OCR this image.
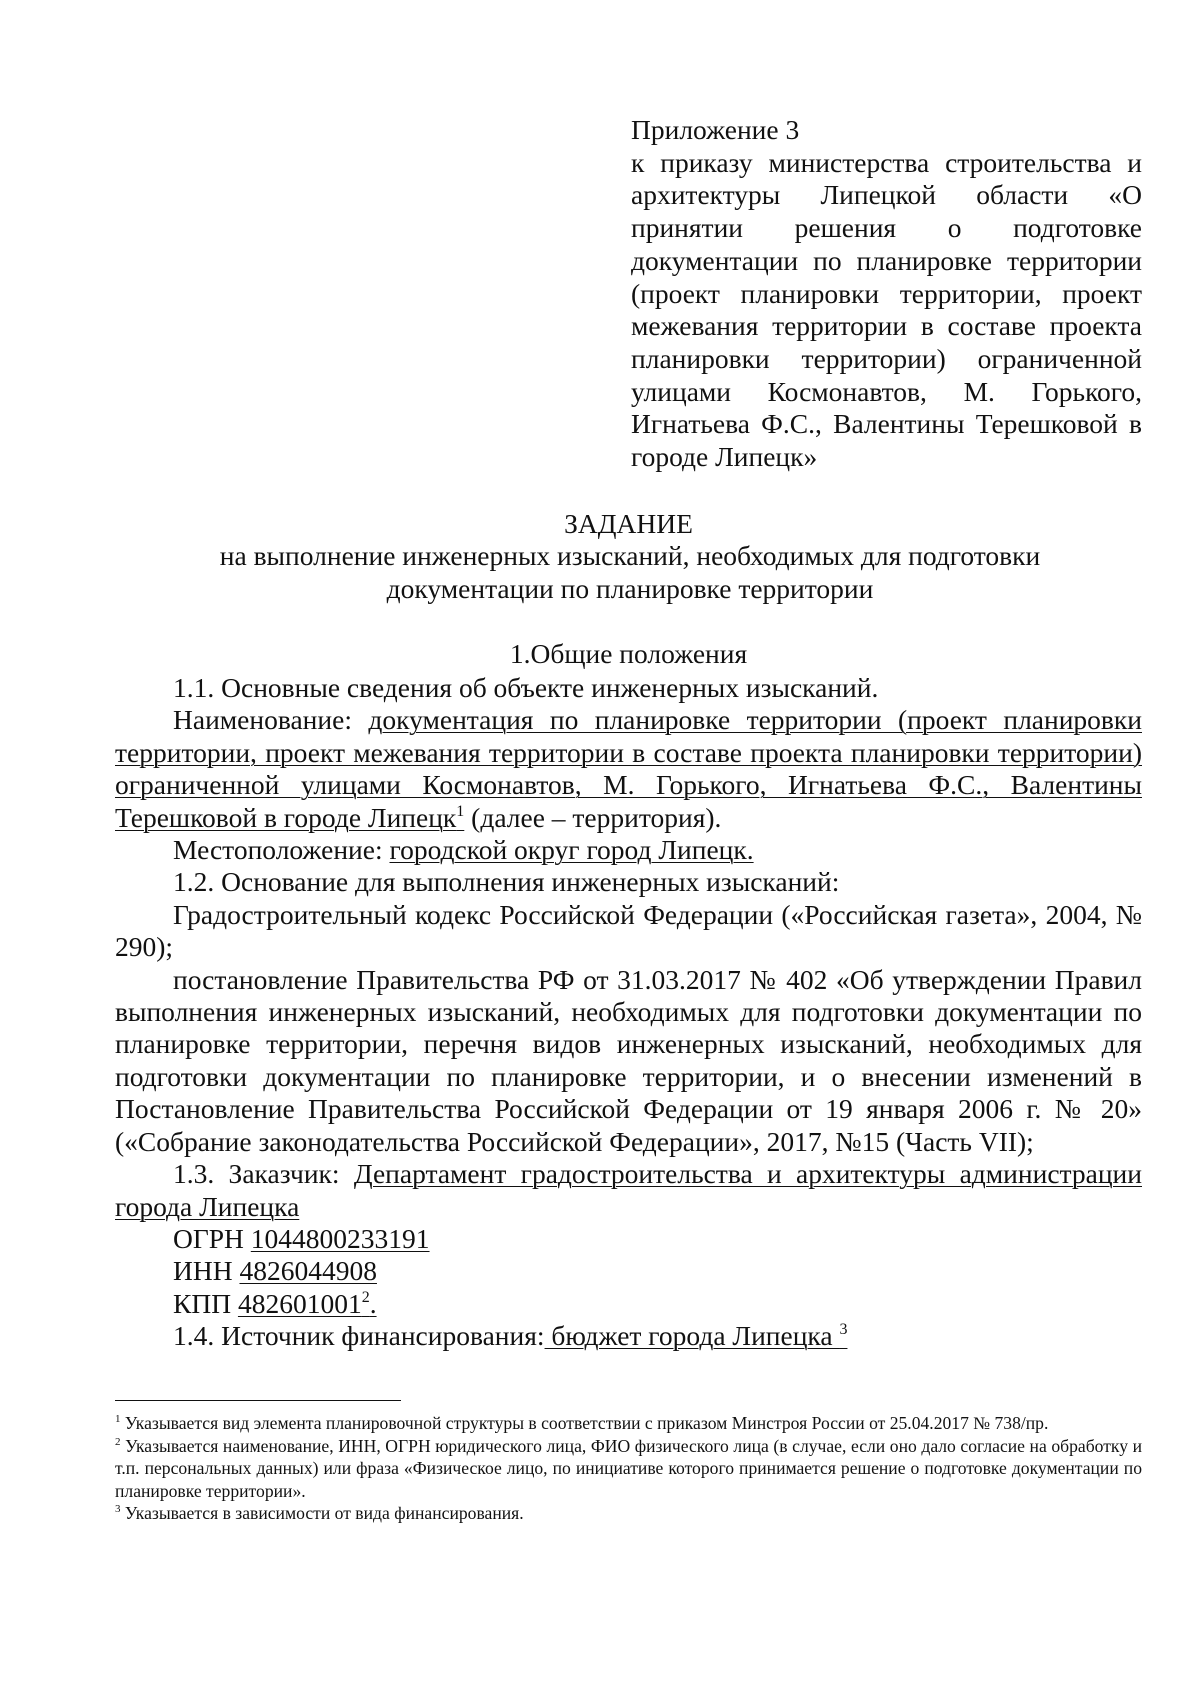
Приложение 3
к приказу министерства строительства и архитектуры Липецкой области «О принятии решения о подготовке документации по планировке территории (проект планировки территории, проект межевания территории в составе проекта планировки территории) ограниченной улицами Космонавтов, М. Горького, Игнатьева Ф.С., Валентины Терешковой в городе Липецк»
ЗАДАНИЕ
на выполнение инженерных изысканий, необходимых для подготовки документации по планировке территории
1.Общие положения

1.1. Основные сведения об объекте инженерных изысканий.

Наименование: документация по планировке территории (проект планировки территории, проект межевания территории в составе проекта планировки территории) ограниченной улицами Космонавтов, М. Горького, Игнатьева Ф.С., Валентины Терешковой в городе Липецк$^1$ (далее – территория).

Местоположение: городской округ город Липецк.

1.2. Основание для выполнения инженерных изысканий:

Градостроительный кодекс Российской Федерации («Российская газета», 2004, № 290);

постановление Правительства РФ от 31.03.2017 № 402 «Об утверждении Правил выполнения инженерных изысканий, необходимых для подготовки документации по планировке территории, перечня видов инженерных изысканий, необходимых для подготовки документации по планировке территории, и о внесении изменений в Постановление Правительства Российской Федерации от 19 января 2006 г. № 20» («Собрание законодательства Российской Федерации», 2017, №15 (Часть VII);

1.3. Заказчик: Департамент градостроительства и архитектуры администрации города Липецка

ОГРН 1044800233191

ИНН 4826044908

КПП 482601001$^2$.

1.4. Источник финансирования: бюджет города Липецка $^3$

$^1$ Указывается вид элемента планировочной структуры в соответствии с приказом Минстроя России от 25.04.2017 № 738/пр.

$^2$ Указывается наименование, ИНН, ОГРН юридического лица, ФИО физического лица (в случае, если оно дало согласие на обработку и т.п. персональных данных) или фраза «Физическое лицо, по инициативе которого принимается решение о подготовке документации по планировке территории».

$^3$ Указывается в зависимости от вида финансирования.
